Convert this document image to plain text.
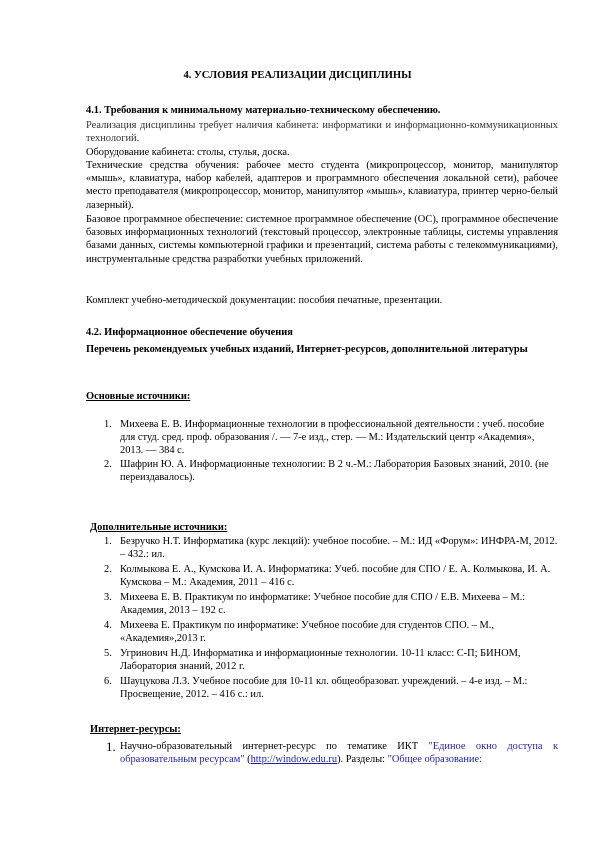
4. УСЛОВИЯ РЕАЛИЗАЦИИ ДИСЦИПЛИНЫ
4.1. Требования к минимальному материально-техническому обеспечению.
Реализация дисциплины требует наличия кабинета: информатики и информационно-коммуникационных технологий.
Оборудование кабинета: столы, стулья, доска.
Технические средства обучения: рабочее место студента (микропроцессор, монитор, манипулятор «мышь», клавиатура, набор кабелей, адаптеров и программного обеспечения локальной сети), рабочее место преподавателя (микропроцессор, монитор, манипулятор «мышь», клавиатура, принтер черно-белый лазерный).
Базовое программное обеспечение: системное программное обеспечение (ОС), программное обеспечение базовых информационных технологий (текстовый процессор, электронные таблицы, системы управления базами данных, системы компьютерной графики и презентаций, система работы с телекоммуникациями), инструментальные средства разработки учебных приложений.
Комплект учебно-методической документации: пособия печатные, презентации.
4.2. Информационное обеспечение обучения
Перечень рекомендуемых учебных изданий, Интернет-ресурсов, дополнительной литературы
Основные источники:
1. Михеева Е. В. Информационные технологии в профессиональной деятельности : учеб. пособие для студ. сред. проф. образования /. — 7-е изд., стер. — М.: Издательский центр «Академия», 2013. — 384 с.
2. Шафрин Ю. А. Информационные технологии: В 2 ч.-М.: Лаборатория Базовых знаний, 2010. (не переиздавалось).
Дополнительные источники:
1. Безручко Н.Т. Информатика (курс лекций): учебное пособие. – М.: ИД «Форум»: ИНФРА-М, 2012. – 432.: ил.
2. Колмыкова Е. А., Кумскова И. А. Информатика: Учеб. пособие для СПО / Е. А. Колмыкова, И. А. Кумскова – М.: Академия, 2011 – 416 с.
3. Михеева Е. В. Практикум по информатике: Учебное пособие для СПО / Е.В. Михеева – М.: Академия, 2013 – 192 с.
4. Михеева Е. Практикум по информатике: Учебное пособие для студентов СПО. – М., «Академия»,2013 г.
5. Угринович Н.Д. Информатика и информационные технологии. 10-11 класс: С-П; БИНОМ, Лаборатория знаний, 2012 г.
6. Шауцукова Л.З. Учебное пособие для 10-11 кл. общеобразоват. учреждений. – 4-е изд. – М.: Просвещение, 2012. – 416 с.: ил.
Интернет-ресурсы:
1. Научно-образовательный интернет-ресурс по тематике ИКТ "Единое окно доступа к образовательным ресурсам" (http://window.edu.ru). Разделы: "Общее образование:
